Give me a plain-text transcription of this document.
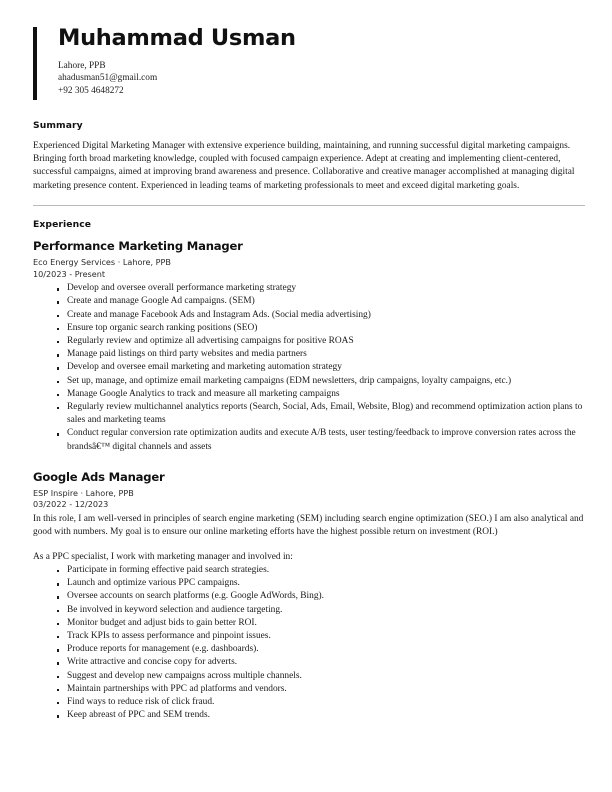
Muhammad Usman
Lahore, PPB
ahadusman51@gmail.com
+92 305 4648272
Summary

Experienced Digital Marketing Manager with extensive experience building, maintaining, and running successful digital marketing campaigns. Bringing forth broad marketing knowledge, coupled with focused campaign experience. Adept at creating and implementing client-centered, successful campaigns, aimed at improving brand awareness and presence. Collaborative and creative manager accomplished at managing digital marketing presence content. Experienced in leading teams of marketing professionals to meet and exceed digital marketing goals.

Experience
Performance Marketing Manager
Eco Energy Services · Lahore, PPB
10/2023 - Present
Develop and oversee overall performance marketing strategy
Create and manage Google Ad campaigns. (SEM)
Create and manage Facebook Ads and Instagram Ads. (Social media advertising)
Ensure top organic search ranking positions (SEO)
Regularly review and optimize all advertising campaigns for positive ROAS
Manage paid listings on third party websites and media partners
Develop and oversee email marketing and marketing automation strategy
Set up, manage, and optimize email marketing campaigns (EDM newsletters, drip campaigns, loyalty campaigns, etc.)
Manage Google Analytics to track and measure all marketing campaigns
Regularly review multichannel analytics reports (Search, Social, Ads, Email, Website, Blog) and recommend optimization action plans to sales and marketing teams
Conduct regular conversion rate optimization audits and execute A/B tests, user testing/feedback to improve conversion rates across the brandsâ€™ digital channels and assets
Google Ads Manager
ESP Inspire · Lahore, PPB
03/2022 - 12/2023

In this role, I am well-versed in principles of search engine marketing (SEM) including search engine optimization (SEO.) I am also analytical and good with numbers. My goal is to ensure our online marketing efforts have the highest possible return on investment (ROI.)

As a PPC specialist, I work with marketing manager and involved in:

Participate in forming effective paid search strategies.
Launch and optimize various PPC campaigns.
Oversee accounts on search platforms (e.g. Google AdWords, Bing).
Be involved in keyword selection and audience targeting.
Monitor budget and adjust bids to gain better ROI.
Track KPIs to assess performance and pinpoint issues.
Produce reports for management (e.g. dashboards).
Write attractive and concise copy for adverts.
Suggest and develop new campaigns across multiple channels.
Maintain partnerships with PPC ad platforms and vendors.
Find ways to reduce risk of click fraud.
Keep abreast of PPC and SEM trends.
